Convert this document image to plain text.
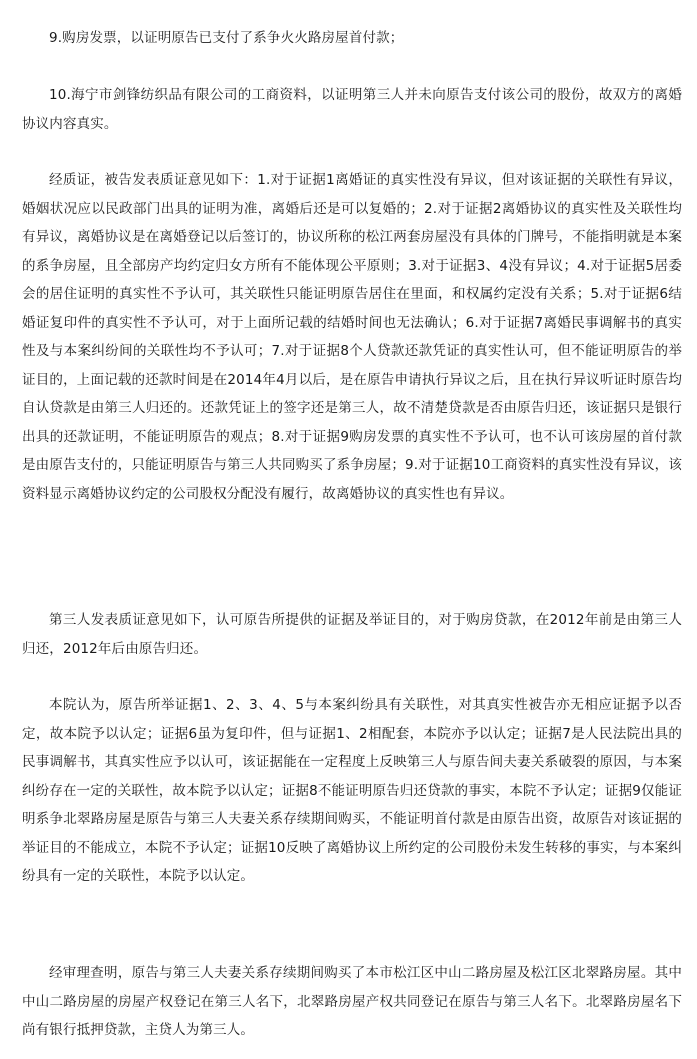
9.购房发票，以证明原告已支付了系争火火路房屋首付款；

10.海宁市剑锋纺织品有限公司的工商资料，以证明第三人并未向原告支付该公司的股份，故双方的离婚协议内容真实。

经质证，被告发表质证意见如下：1.对于证据1离婚证的真实性没有异议，但对该证据的关联性有异议，婚姻状况应以民政部门出具的证明为准，离婚后还是可以复婚的；2.对于证据2离婚协议的真实性及关联性均有异议，离婚协议是在离婚登记以后签订的，协议所称的松江两套房屋没有具体的门牌号，不能指明就是本案的系争房屋，且全部房产均约定归女方所有不能体现公平原则；3.对于证据3、4没有异议；4.对于证据5居委会的居住证明的真实性不予认可，其关联性只能证明原告居住在里面，和权属约定没有关系；5.对于证据6结婚证复印件的真实性不予认可，对于上面所记载的结婚时间也无法确认；6.对于证据7离婚民事调解书的真实性及与本案纠纷间的关联性均不予认可；7.对于证据8个人贷款还款凭证的真实性认可，但不能证明原告的举证目的，上面记载的还款时间是在2014年4月以后，是在原告申请执行异议之后，且在执行异议听证时原告均自认贷款是由第三人归还的。还款凭证上的签字还是第三人，故不清楚贷款是否由原告归还，该证据只是银行出具的还款证明，不能证明原告的观点；8.对于证据9购房发票的真实性不予认可，也不认可该房屋的首付款是由原告支付的，只能证明原告与第三人共同购买了系争房屋；9.对于证据10工商资料的真实性没有异议，该资料显示离婚协议约定的公司股权分配没有履行，故离婚协议的真实性也有异议。

第三人发表质证意见如下，认可原告所提供的证据及举证目的，对于购房贷款，在2012年前是由第三人归还，2012年后由原告归还。

本院认为，原告所举证据1、2、3、4、5与本案纠纷具有关联性，对其真实性被告亦无相应证据予以否定，故本院予以认定；证据6虽为复印件，但与证据1、2相配套，本院亦予以认定；证据7是人民法院出具的民事调解书，其真实性应予以认可，该证据能在一定程度上反映第三人与原告间夫妻关系破裂的原因，与本案纠纷存在一定的关联性，故本院予以认定；证据8不能证明原告归还贷款的事实，本院不予认定；证据9仅能证明系争北翠路房屋是原告与第三人夫妻关系存续期间购买，不能证明首付款是由原告出资，故原告对该证据的举证目的不能成立，本院不予认定；证据10反映了离婚协议上所约定的公司股份未发生转移的事实，与本案纠纷具有一定的关联性，本院予以认定。

经审理查明，原告与第三人夫妻关系存续期间购买了本市松江区中山二路房屋及松江区北翠路房屋。其中中山二路房屋的房屋产权登记在第三人名下，北翠路房屋产权共同登记在原告与第三人名下。北翠路房屋名下尚有银行抵押贷款，主贷人为第三人。
